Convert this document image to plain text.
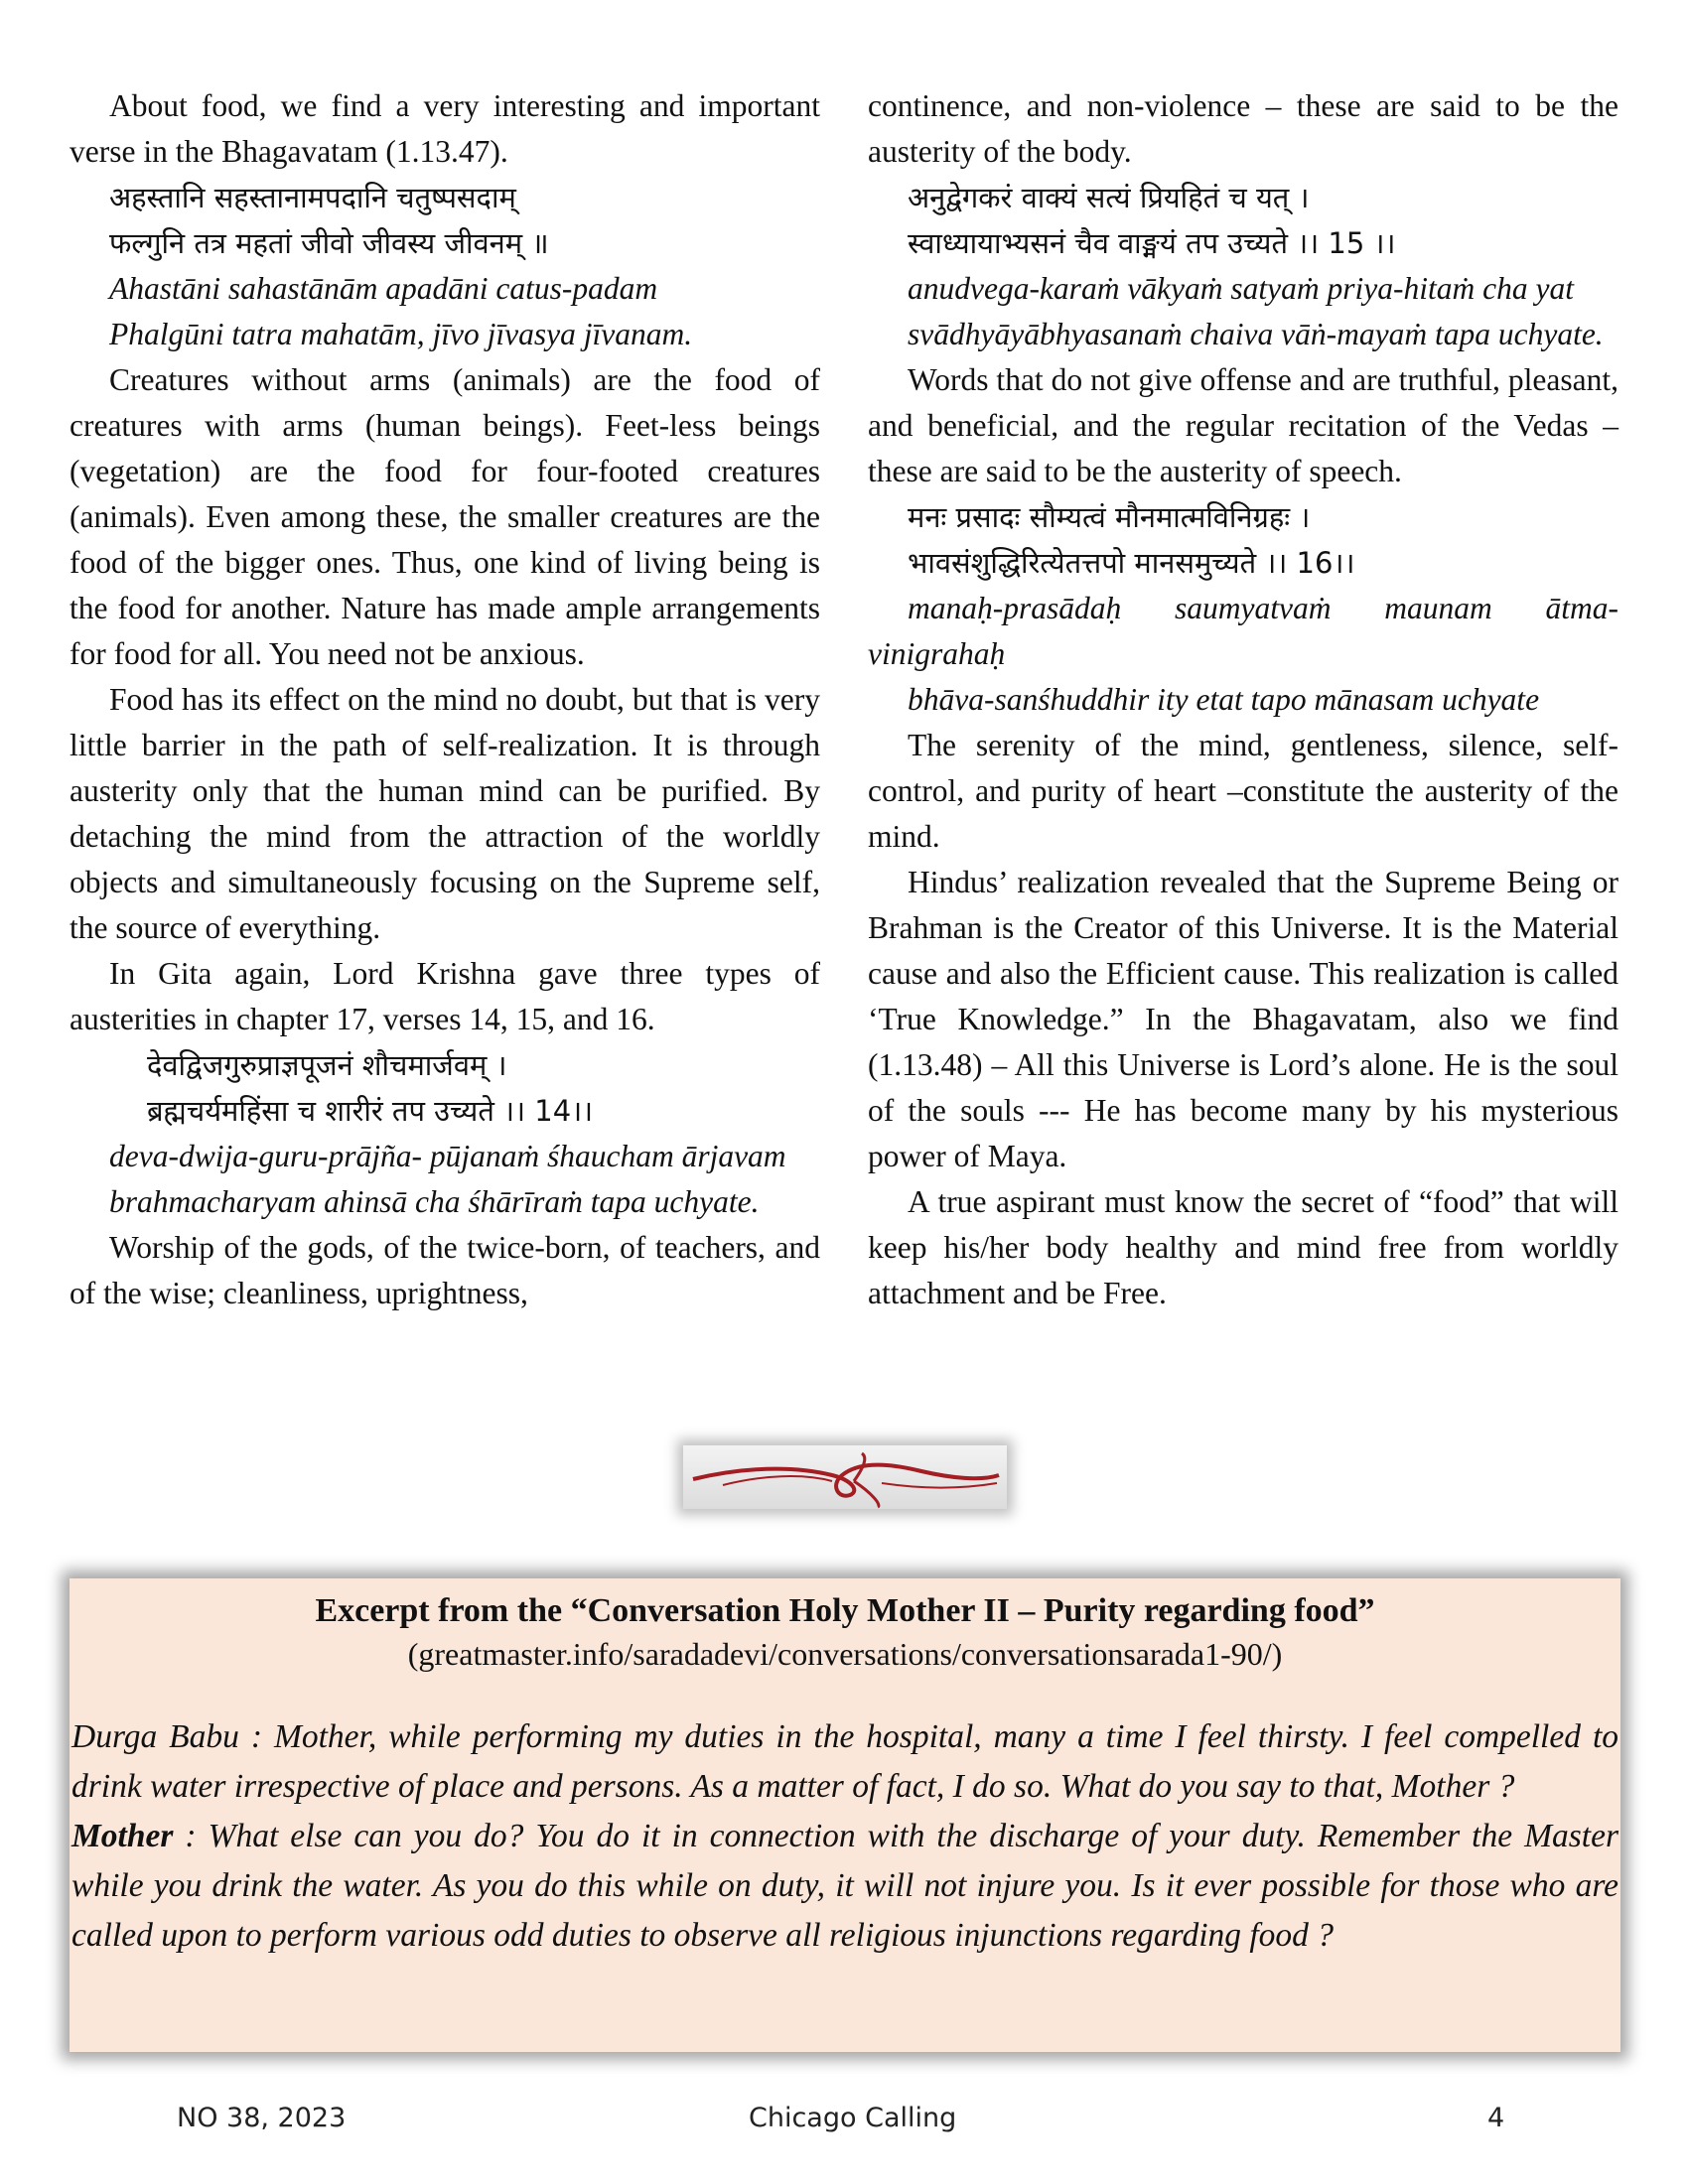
About food, we find a very interesting and important verse in the Bhagavatam (1.13.47).

अहस्तानि सहस्तानामपदानि चतुष्पसदाम्

फल्गुनि तत्र महतां जीवो जीवस्य जीवनम् ॥

Ahastāni sahastānām apadāni catus-padam

Phalgūni tatra mahatām, jīvo jīvasya jīvanam.

Creatures without arms (animals) are the food of creatures with arms (human beings). Feet-less beings (vegetation) are the food for four-footed creatures (animals). Even among these, the smaller creatures are the food of the bigger ones. Thus, one kind of living being is the food for another. Nature has made ample arrangements for food for all. You need not be anxious.

Food has its effect on the mind no doubt, but that is very little barrier in the path of self-realization. It is through austerity only that the human mind can be purified. By detaching the mind from the attraction of the worldly objects and simultaneously focusing on the Supreme self, the source of everything.

In Gita again, Lord Krishna gave three types of austerities in chapter 17, verses 14, 15, and 16.

देवद्विजगुरुप्राज्ञपूजनं शौचमार्जवम् ।

ब्रह्मचर्यमहिंसा च शारीरं तप उच्यते ।। 14।।

deva-dwija-guru-prājña- pūjanaṁ śhaucham ārjavam

brahmacharyam ahinsā cha śhārīraṁ tapa uchyate.

Worship of the gods, of the twice-born, of teachers, and of the wise; cleanliness, uprightness,

continence, and non-violence – these are said to be the austerity of the body.

अनुद्वेगकरं वाक्यं सत्यं प्रियहितं च यत् ।

स्वाध्यायाभ्यसनं चैव वाङ्मयं तप उच्यते ।। 15 ।।

anudvega-karaṁ vākyaṁ satyaṁ priya-hitaṁ cha yat

svādhyāyābhyasanaṁ chaiva vāṅ-mayaṁ tapa uchyate.

Words that do not give offense and are truthful, pleasant, and beneficial, and the regular recitation of the Vedas – these are said to be the austerity of speech.

मनः प्रसादः सौम्यत्वं मौनमात्मविनिग्रहः ।

भावसंशुद्धिरित्येतत्तपो मानसमुच्यते ।। 16।।

manaḥ-prasādaḥ saumyatvaṁ maunam ātma-vinigrahaḥ

bhāva-sanśhuddhir ity etat tapo mānasam uchyate

The serenity of the mind, gentleness, silence, self-control, and purity of heart –constitute the austerity of the mind.

Hindus’ realization revealed that the Supreme Being or Brahman is the Creator of this Universe. It is the Material cause and also the Efficient cause. This realization is called ‘True Knowledge.” In the Bhagavatam, also we find (1.13.48) – All this Universe is Lord’s alone. He is the soul of the souls --- He has become many by his mysterious power of Maya.

A true aspirant must know the secret of “food” that will keep his/her body healthy and mind free from worldly attachment and be Free.

Excerpt from the “Conversation Holy Mother II – Purity regarding food”
(greatmaster.info/saradadevi/conversations/conversationsarada1-90/)
Durga Babu : Mother, while performing my duties in the hospital, many a time I feel thirsty. I feel compelled to drink water irrespective of place and persons. As a matter of fact, I do so. What do you say to that, Mother ?
Mother : What else can you do? You do it in connection with the discharge of your duty. Remember the Master while you drink the water. As you do this while on duty, it will not injure you. Is it ever possible for those who are called upon to perform various odd duties to observe all religious injunctions regarding food ?
NO 38, 2023	Chicago Calling	4
